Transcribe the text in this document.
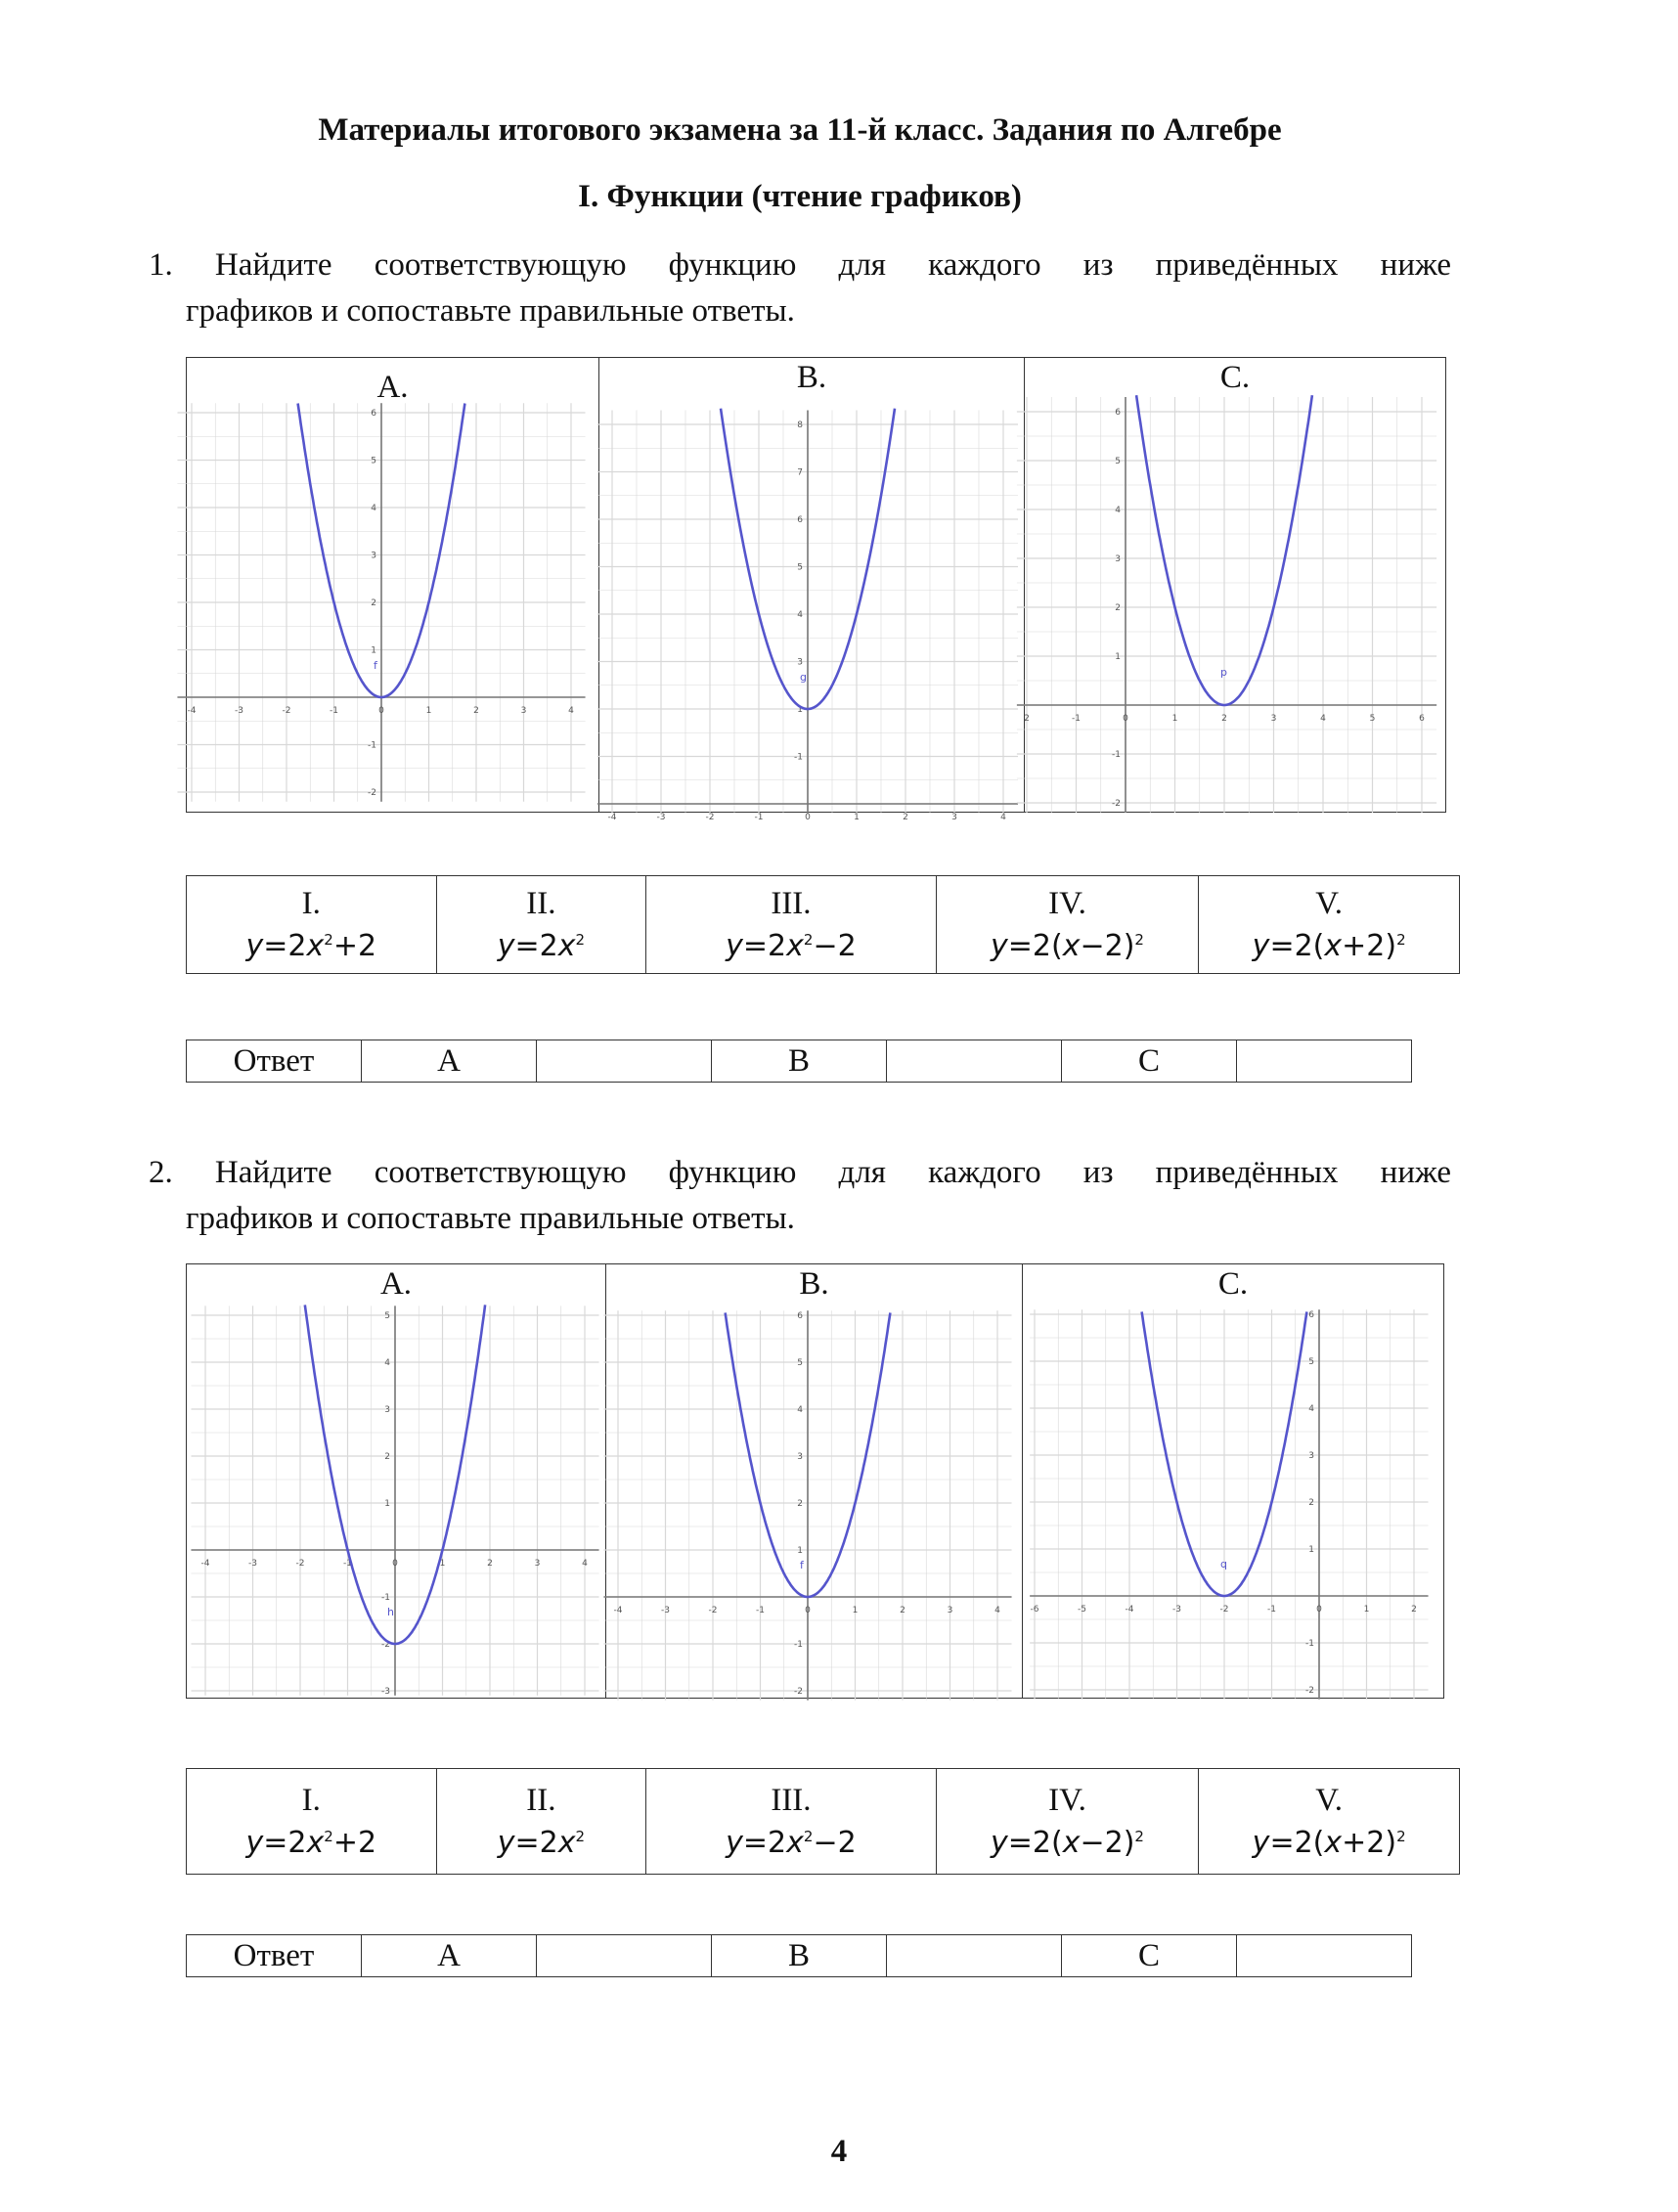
Материалы итогового экзамена за 11-й класс. Задания по Алгебре
I. Функции (чтение графиков)
1. Найдите соответствующую функцию для каждого из приведённых ниже
графиков и сопоставьте правильные ответы.
A.
-4	-3	-2	-1	0	1	2	3	4
6
5
4
3
2
1
-1
-2
f

B.
-4	-3	-2	-1	0	1	2	3	4
8
7
6
5
4
3
1
-1
g

C.
2	-1	0	1	2	3	4	5	6
6
5
4
3
2
1
-1
-2
p
I.
$y=2x^2+2$

II.
$y=2x^2$

III.
$y=2x^2-2$

IV.
$y=2(x-2)^2$

V.
$y=2(x+2)^2$
Ответ	A		B		C	
2. Найдите соответствующую функцию для каждого из приведённых ниже
графиков и сопоставьте правильные ответы.
A.
-4	-3	-2	-1	0	1	2	3	4
5
4
3
2
1
-1
-2
-3
h

B.
-4	-3	-2	-1	0	1	2	3	4
6
5
4
3
2
1
-1
-2
f

C.
-6	-5	-4	-3	-2	-1	0	1	2
6
5
4
3
2
1
-1
-2
q
I.
$y=2x^2+2$

II.
$y=2x^2$

III.
$y=2x^2-2$

IV.
$y=2(x-2)^2$

V.
$y=2(x+2)^2$
Ответ	A		B		C	
4
